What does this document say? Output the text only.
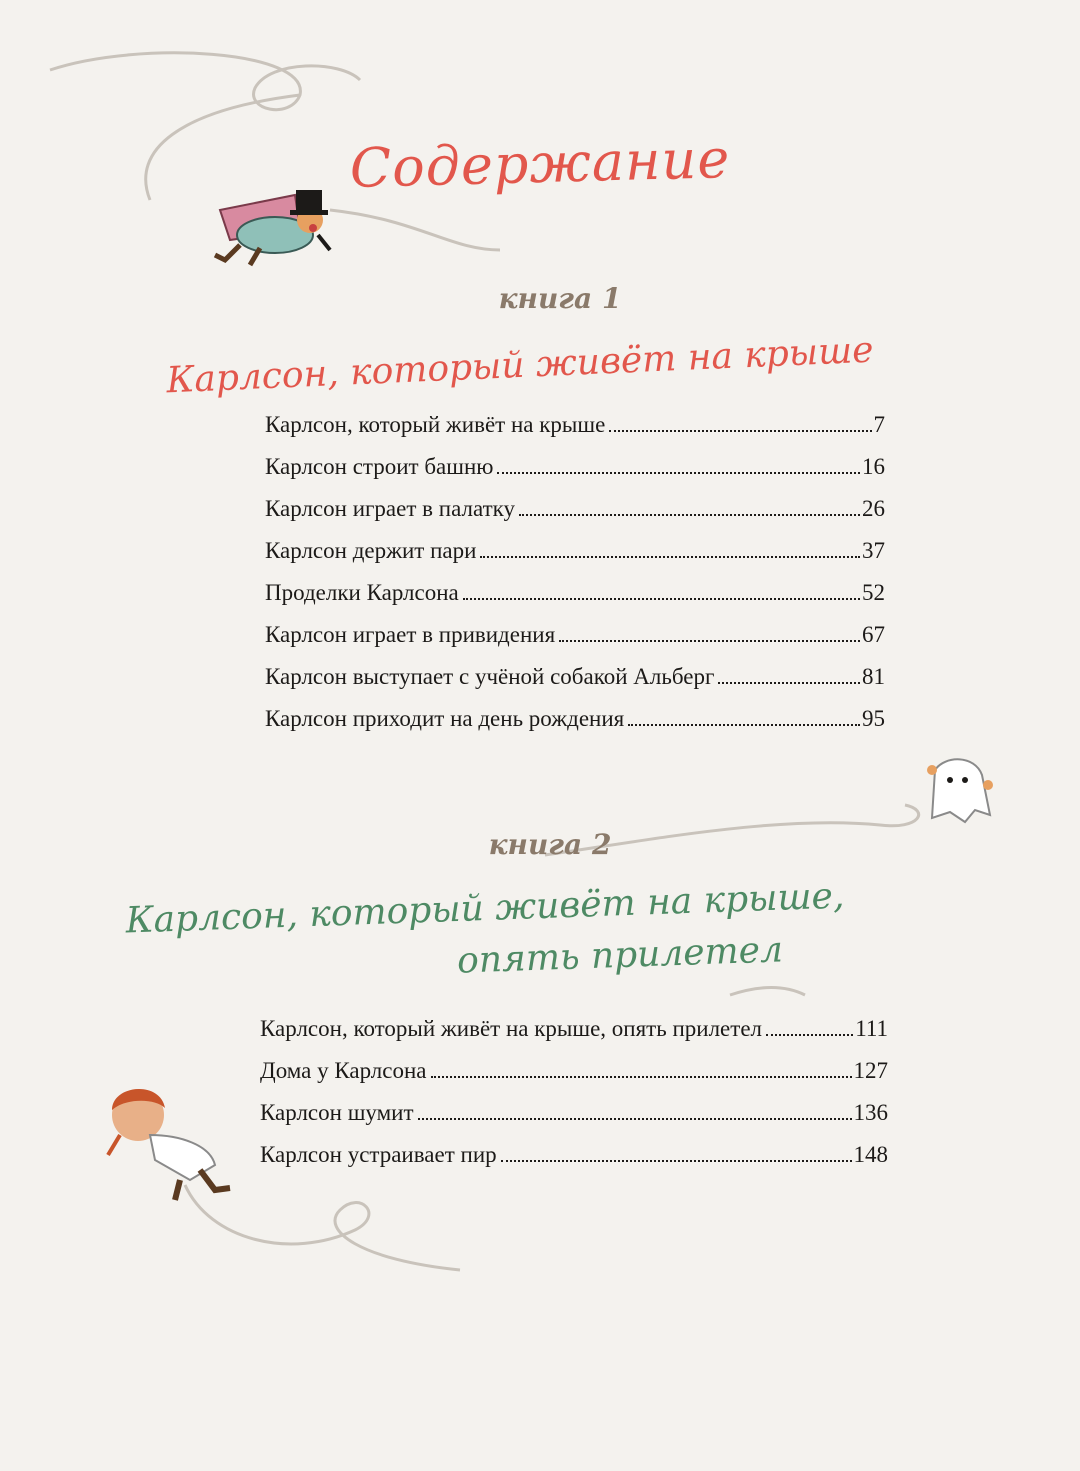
Содержание
книга 1
Карлсон, который живёт на крыше
Карлсон, который живёт на крыше	7
Карлсон строит башню	16
Карлсон играет в палатку	26
Карлсон держит пари	37
Проделки Карлсона	52
Карлсон играет в привидения	67
Карлсон выступает с учёной собакой Альберг	81
Карлсон приходит на день рождения	95
книга 2
Карлсон, который живёт на крыше,
опять прилетел
Карлсон, который живёт на крыше, опять прилетел	111
Дома у Карлсона	127
Карлсон шумит	136
Карлсон устраивает пир	148
